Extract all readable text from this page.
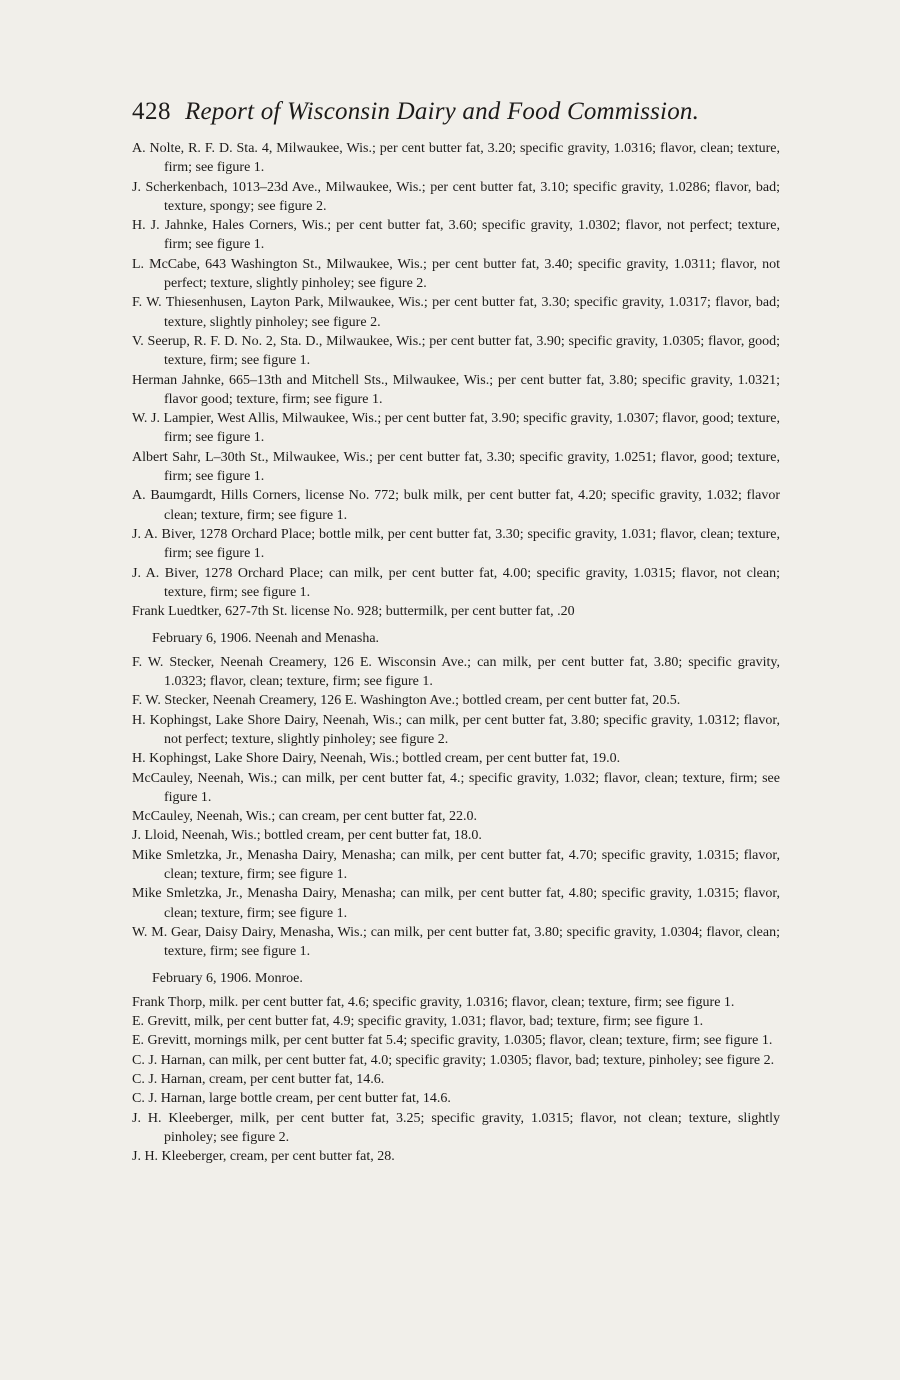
428 Report of Wisconsin Dairy and Food Commission.

A. Nolte, R. F. D. Sta. 4, Milwaukee, Wis.; per cent butter fat, 3.20; specific gravity, 1.0316; flavor, clean; texture, firm; see figure 1.

J. Scherkenbach, 1013–23d Ave., Milwaukee, Wis.; per cent butter fat, 3.10; specific gravity, 1.0286; flavor, bad; texture, spongy; see figure 2.

H. J. Jahnke, Hales Corners, Wis.; per cent butter fat, 3.60; specific gravity, 1.0302; flavor, not perfect; texture, firm; see figure 1.

L. McCabe, 643 Washington St., Milwaukee, Wis.; per cent butter fat, 3.40; specific gravity, 1.0311; flavor, not perfect; texture, slightly pinholey; see figure 2.

F. W. Thiesenhusen, Layton Park, Milwaukee, Wis.; per cent butter fat, 3.30; specific gravity, 1.0317; flavor, bad; texture, slightly pinholey; see figure 2.

V. Seerup, R. F. D. No. 2, Sta. D., Milwaukee, Wis.; per cent butter fat, 3.90; specific gravity, 1.0305; flavor, good; texture, firm; see figure 1.

Herman Jahnke, 665–13th and Mitchell Sts., Milwaukee, Wis.; per cent butter fat, 3.80; specific gravity, 1.0321; flavor good; texture, firm; see figure 1.

W. J. Lampier, West Allis, Milwaukee, Wis.; per cent butter fat, 3.90; specific gravity, 1.0307; flavor, good; texture, firm; see figure 1.

Albert Sahr, L–30th St., Milwaukee, Wis.; per cent butter fat, 3.30; specific gravity, 1.0251; flavor, good; texture, firm; see figure 1.

A. Baumgardt, Hills Corners, license No. 772; bulk milk, per cent butter fat, 4.20; specific gravity, 1.032; flavor clean; texture, firm; see figure 1.

J. A. Biver, 1278 Orchard Place; bottle milk, per cent butter fat, 3.30; specific gravity, 1.031; flavor, clean; texture, firm; see figure 1.

J. A. Biver, 1278 Orchard Place; can milk, per cent butter fat, 4.00; specific gravity, 1.0315; flavor, not clean; texture, firm; see figure 1.

Frank Luedtker, 627-7th St. license No. 928; buttermilk, per cent butter fat, .20

February 6, 1906. Neenah and Menasha.

F. W. Stecker, Neenah Creamery, 126 E. Wisconsin Ave.; can milk, per cent butter fat, 3.80; specific gravity, 1.0323; flavor, clean; texture, firm; see figure 1.

F. W. Stecker, Neenah Creamery, 126 E. Washington Ave.; bottled cream, per cent butter fat, 20.5.

H. Kophingst, Lake Shore Dairy, Neenah, Wis.; can milk, per cent butter fat, 3.80; specific gravity, 1.0312; flavor, not perfect; texture, slightly pinholey; see figure 2.

H. Kophingst, Lake Shore Dairy, Neenah, Wis.; bottled cream, per cent butter fat, 19.0.

McCauley, Neenah, Wis.; can milk, per cent butter fat, 4.; specific gravity, 1.032; flavor, clean; texture, firm; see figure 1.

McCauley, Neenah, Wis.; can cream, per cent butter fat, 22.0.

J. Lloid, Neenah, Wis.; bottled cream, per cent butter fat, 18.0.

Mike Smletzka, Jr., Menasha Dairy, Menasha; can milk, per cent butter fat, 4.70; specific gravity, 1.0315; flavor, clean; texture, firm; see figure 1.

Mike Smletzka, Jr., Menasha Dairy, Menasha; can milk, per cent butter fat, 4.80; specific gravity, 1.0315; flavor, clean; texture, firm; see figure 1.

W. M. Gear, Daisy Dairy, Menasha, Wis.; can milk, per cent butter fat, 3.80; specific gravity, 1.0304; flavor, clean; texture, firm; see figure 1.

February 6, 1906. Monroe.

Frank Thorp, milk. per cent butter fat, 4.6; specific gravity, 1.0316; flavor, clean; texture, firm; see figure 1.

E. Grevitt, milk, per cent butter fat, 4.9; specific gravity, 1.031; flavor, bad; texture, firm; see figure 1.

E. Grevitt, mornings milk, per cent butter fat 5.4; specific gravity, 1.0305; flavor, clean; texture, firm; see figure 1.

C. J. Harnan, can milk, per cent butter fat, 4.0; specific gravity; 1.0305; flavor, bad; texture, pinholey; see figure 2.

C. J. Harnan, cream, per cent butter fat, 14.6.

C. J. Harnan, large bottle cream, per cent butter fat, 14.6.

J. H. Kleeberger, milk, per cent butter fat, 3.25; specific gravity, 1.0315; flavor, not clean; texture, slightly pinholey; see figure 2.

J. H. Kleeberger, cream, per cent butter fat, 28.
